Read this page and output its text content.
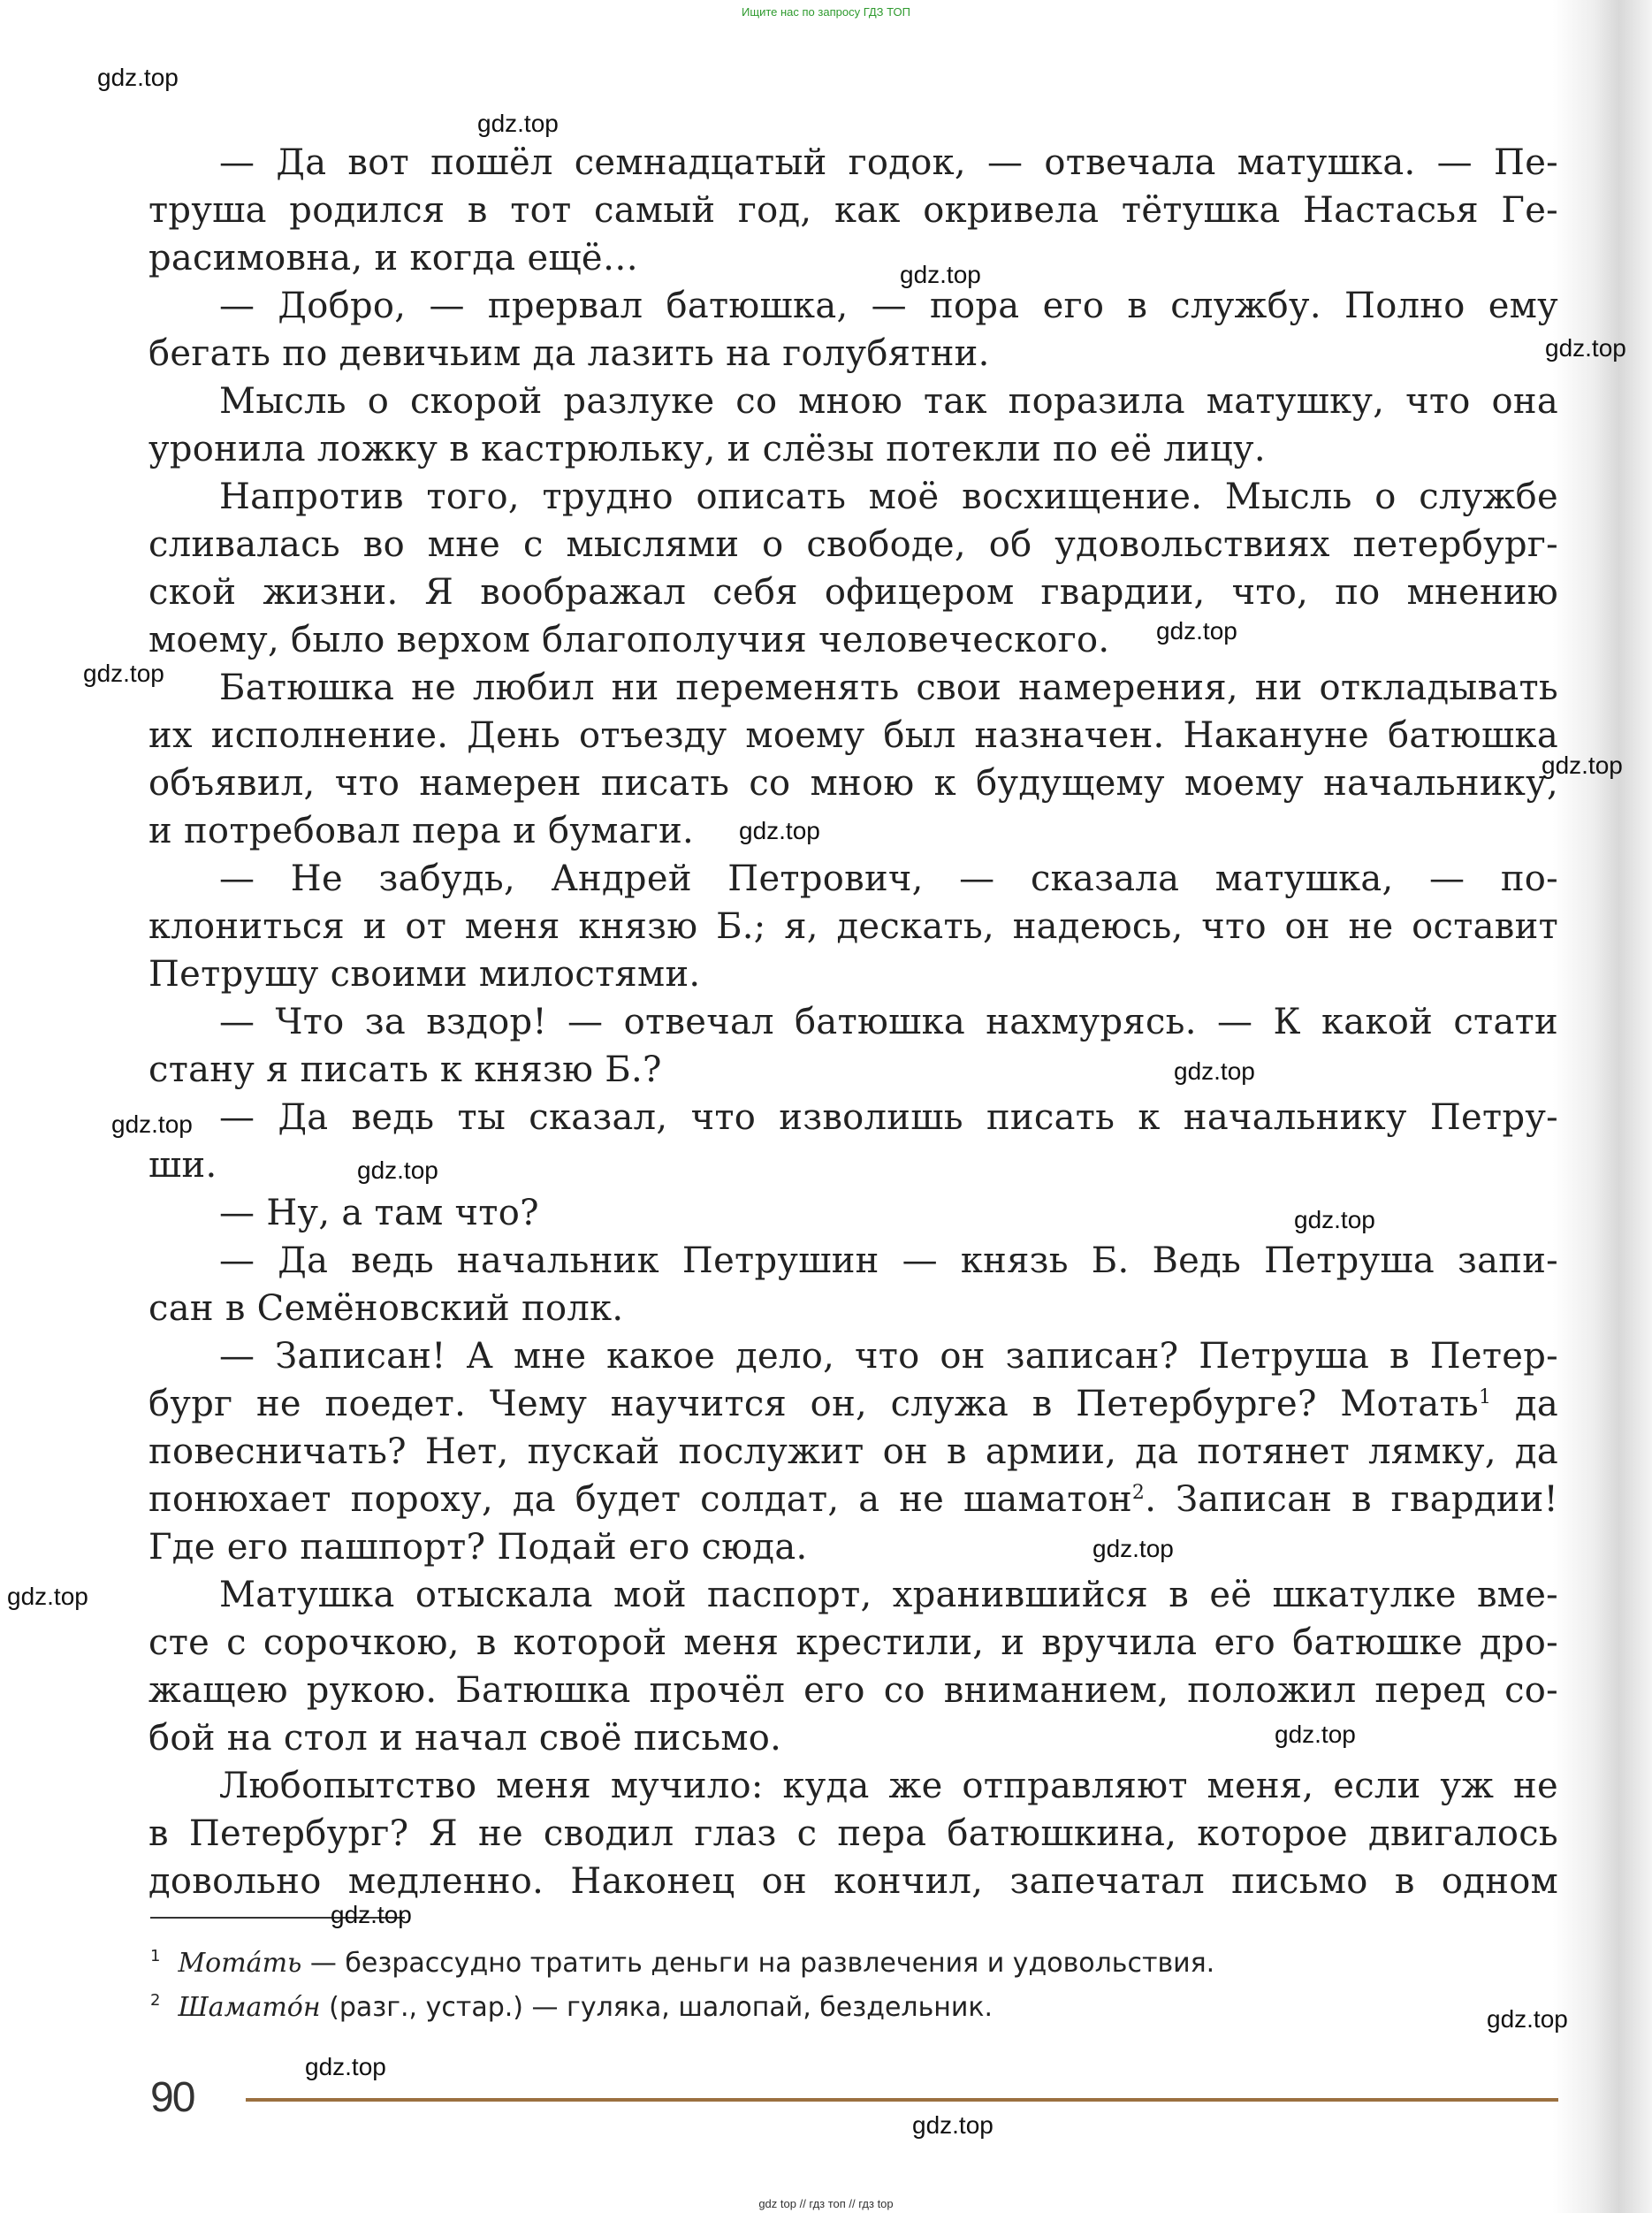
Ищите нас по запросу ГДЗ ТОП
— Да вот пошёл семнадцатый годок, — отвечала матушка. — Пе-
труша родился в тот самый год, как окривела тётушка Настасья Ге-
расимовна, и когда ещё…
— Добро, — прервал батюшка, — пора его в службу. Полно ему
бегать по девичьим да лазить на голубятни.
Мысль о скорой разлуке со мною так поразила матушку, что она
уронила ложку в кастрюльку, и слёзы потекли по её лицу.
Напротив того, трудно описать моё восхищение. Мысль о службе
сливалась во мне с мыслями о свободе, об удовольствиях петербург-
ской жизни. Я воображал себя офицером гвардии, что, по мнению
моему, было верхом благополучия человеческого.
Батюшка не любил ни переменять свои намерения, ни откладывать
их исполнение. День отъезду моему был назначен. Накануне батюшка
объявил, что намерен писать со мною к будущему моему начальнику,
и потребовал пера и бумаги.
— Не забудь, Андрей Петрович, — сказала матушка, — по-
клониться и от меня князю Б.; я, дескать, надеюсь, что он не оставит
Петрушу своими милостями.
— Что за вздор! — отвечал батюшка нахмурясь. — К какой стати
стану я писать к князю Б.?
— Да ведь ты сказал, что изволишь писать к начальнику Петру-
ши.
— Ну, а там что?
— Да ведь начальник Петрушин — князь Б. Ведь Петруша запи-
сан в Семёновский полк.
— Записан! А мне какое дело, что он записан? Петруша в Петер-
бург не поедет. Чему научится он, служа в Петербурге? Мотать$^1$ да
повесничать? Нет, пускай послужит он в армии, да потянет лямку, да
понюхает пороху, да будет солдат, а не шаматон$^2$. Записан в гвардии!
Где его пашпорт? Подай его сюда.
Матушка отыскала мой паспорт, хранившийся в её шкатулке вме-
сте с сорочкою, в которой меня крестили, и вручила его батюшке дро-
жащею рукою. Батюшка прочёл его со вниманием, положил перед со-
бой на стол и начал своё письмо.
Любопытство меня мучило: куда же отправляют меня, если уж не
в Петербург? Я не сводил глаз с пера батюшкина, которое двигалось
довольно медленно. Наконец он кончил, запечатал письмо в одном
$^1$ Мотáть — безрассудно тратить деньги на развлечения и удовольствия.
$^2$ Шаматóн (разг., устар.) — гуляка, шалопай, бездельник.
90
gdz.top
gdz.top
gdz.top
gdz.top
gdz.top
gdz.top
gdz.top
gdz.top
gdz.top
gdz.top
gdz.top
gdz.top
gdz.top
gdz.top
gdz.top
gdz.top
gdz.top
gdz.top
gdz.top
gdz top // гдз топ // гдз top
